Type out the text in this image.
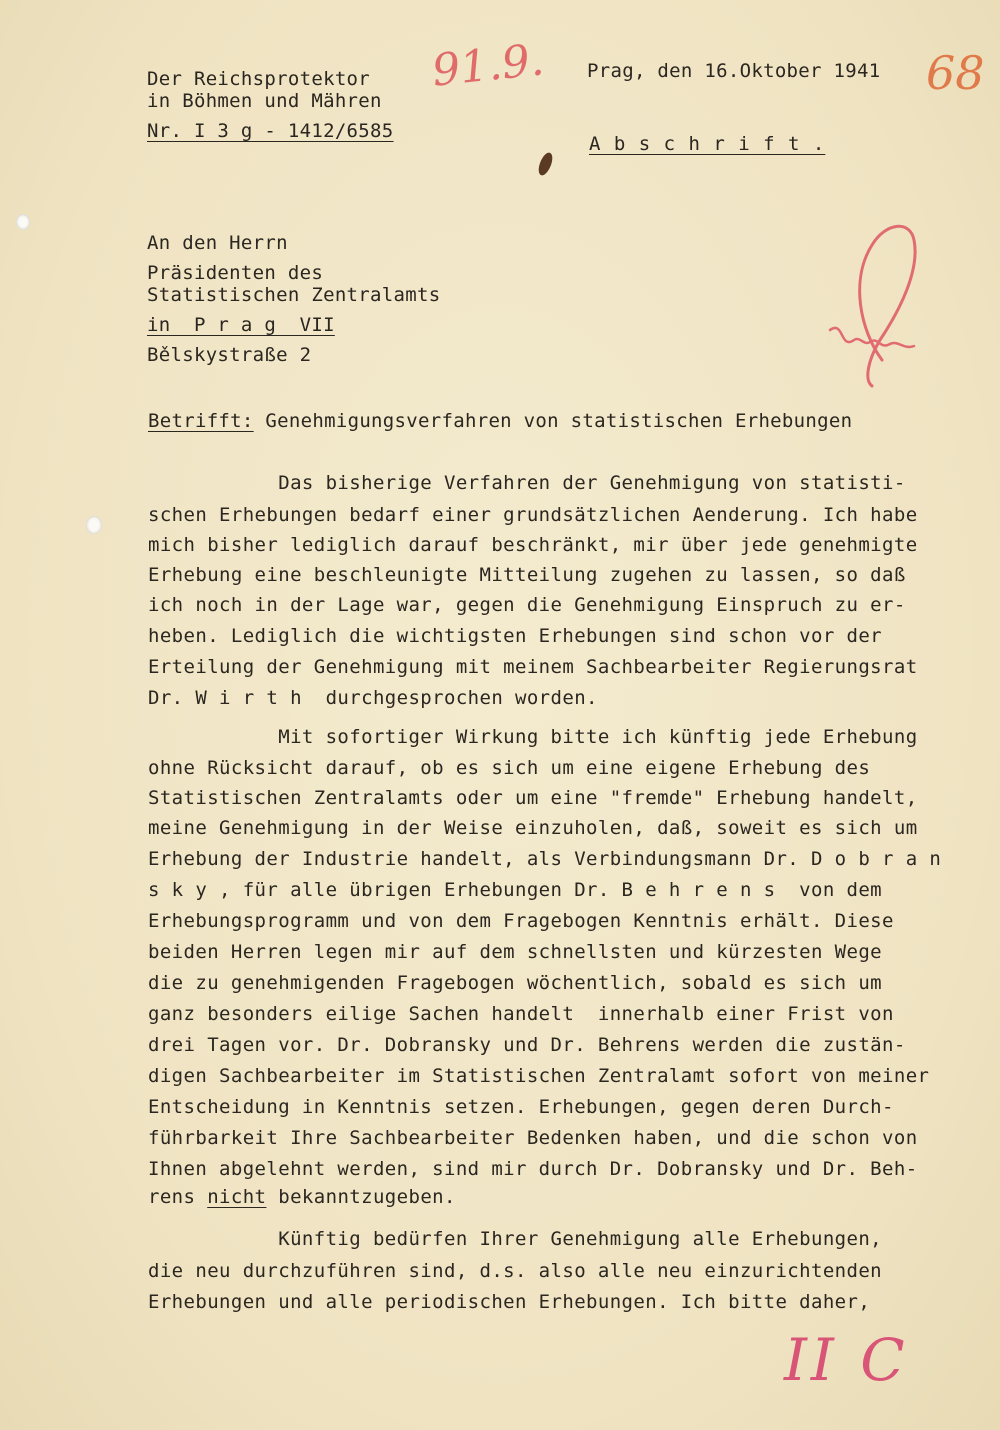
Der Reichsprotektor
in Böhmen und Mähren
Nr. I 3 g - 1412/6585
Prag, den 16.Oktober 1941
A b s c h r i f t .
91.9.	68
An den Herrn
Präsidenten des
Statistischen Zentralamts
in  P r a g  VII
Bělskystraße 2
Betrifft: Genehmigungsverfahren von statistischen Erhebungen
Das bisherige Verfahren der Genehmigung von statisti-
schen Erhebungen bedarf einer grundsätzlichen Aenderung. Ich habe
mich bisher lediglich darauf beschränkt, mir über jede genehmigte
Erhebung eine beschleunigte Mitteilung zugehen zu lassen, so daß
ich noch in der Lage war, gegen die Genehmigung Einspruch zu er-
heben. Lediglich die wichtigsten Erhebungen sind schon vor der
Erteilung der Genehmigung mit meinem Sachbearbeiter Regierungsrat
Dr. W i r t h  durchgesprochen worden.
Mit sofortiger Wirkung bitte ich künftig jede Erhebung
ohne Rücksicht darauf, ob es sich um eine eigene Erhebung des
Statistischen Zentralamts oder um eine "fremde" Erhebung handelt,
meine Genehmigung in der Weise einzuholen, daß, soweit es sich um
Erhebung der Industrie handelt, als Verbindungsmann Dr. D o b r a n
s k y , für alle übrigen Erhebungen Dr. B e h r e n s  von dem
Erhebungsprogramm und von dem Fragebogen Kenntnis erhält. Diese
beiden Herren legen mir auf dem schnellsten und kürzesten Wege
die zu genehmigenden Fragebogen wöchentlich, sobald es sich um
ganz besonders eilige Sachen handelt  innerhalb einer Frist von
drei Tagen vor. Dr. Dobransky und Dr. Behrens werden die zustän-
digen Sachbearbeiter im Statistischen Zentralamt sofort von meiner
Entscheidung in Kenntnis setzen. Erhebungen, gegen deren Durch-
führbarkeit Ihre Sachbearbeiter Bedenken haben, und die schon von
Ihnen abgelehnt werden, sind mir durch Dr. Dobransky und Dr. Beh-
rens nicht bekanntzugeben.
Künftig bedürfen Ihrer Genehmigung alle Erhebungen,
die neu durchzuführen sind, d.s. also alle neu einzurichtenden
Erhebungen und alle periodischen Erhebungen. Ich bitte daher,
II C
